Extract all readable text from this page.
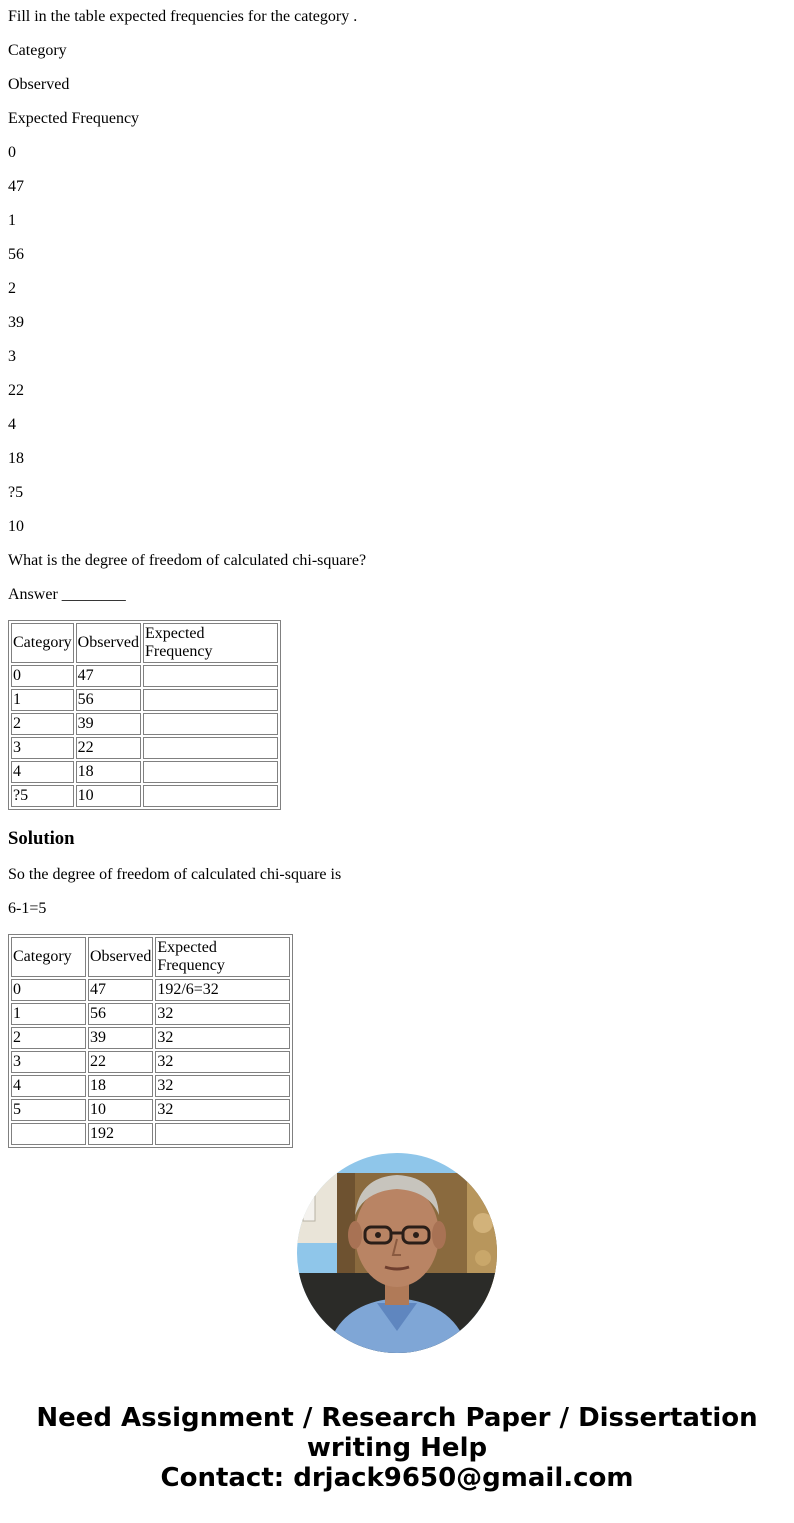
Fill in the table expected frequencies for the category .

Category
Observed
Expected Frequency
0
47
1
56
2
39
3
22
4
18
?5
10

What is the degree of freedom of calculated chi-square?

Answer ________

Category	Observed	Expected Frequency
0	47	
1	56	
2	39	
3	22	
4	18	
?5	10	
Solution

So the degree of freedom of calculated chi-square is

6-1=5

Category	Observed	Expected Frequency
0	47	192/6=32
1	56	32
2	39	32
3	22	32
4	18	32
5	10	32
	192	
Need Assignment / Research Paper / Dissertation
writing Help
Contact: drjack9650@gmail.com
